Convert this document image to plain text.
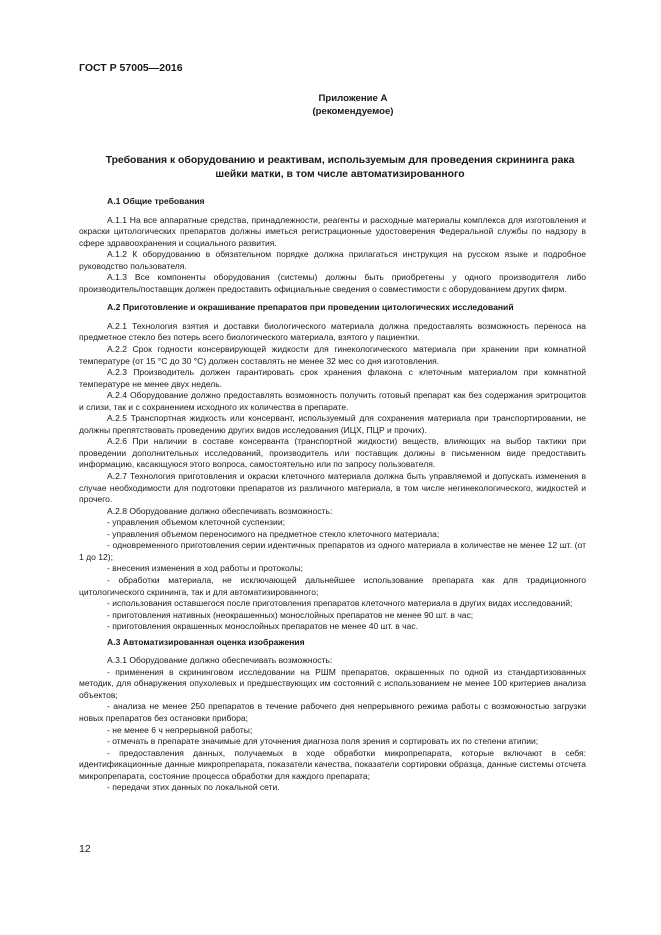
ГОСТ Р 57005—2016
Приложение А
(рекомендуемое)
Требования к оборудованию и реактивам, используемым для проведения скрининга рака шейки матки, в том числе автоматизированного
А.1 Общие требования

А.1.1 На все аппаратные средства, принадлежности, реагенты и расходные материалы комплекса для изготовления и окраски цитологических препаратов должны иметься регистрационные удостоверения Федеральной службы по надзору в сфере здравоохранения и социального развития.

А.1.2 К оборудованию в обязательном порядке должна прилагаться инструкция на русском языке и подробное руководство пользователя.

А.1.3 Все компоненты оборудования (системы) должны быть приобретены у одного производителя либо производитель/поставщик должен предоставить официальные сведения о совместимости с оборудованием других фирм.

А.2 Приготовление и окрашивание препаратов при проведении цитологических исследований

А.2.1 Технология взятия и доставки биологического материала должна предоставлять возможность переноса на предметное стекло без потерь всего биологического материала, взятого у пациентки.

А.2.2 Срок годности консервирующей жидкости для гинекологического материала при хранении при комнатной температуре (от 15 °С до 30 °С) должен составлять не менее 32 мес со дня изготовления.

А.2.3 Производитель должен гарантировать срок хранения флакона с клеточным материалом при комнатной температуре не менее двух недель.

А.2.4 Оборудование должно предоставлять возможность получить готовый препарат как без содержания эритроцитов и слизи, так и с сохранением исходного их количества в препарате.

А.2.5 Транспортная жидкость или консервант, используемый для сохранения материала при транспортировании, не должны препятствовать проведению других видов исследования (ИЦХ, ПЦР и прочих).

А.2.6 При наличии в составе консерванта (транспортной жидкости) веществ, влияющих на выбор тактики при проведении дополнительных исследований, производитель или поставщик должны в письменном виде предоставить информацию, касающуюся этого вопроса, самостоятельно или по запросу пользователя.

А.2.7 Технология приготовления и окраски клеточного материала должна быть управляемой и допускать изменения в случае необходимости для подготовки препаратов из различного материала, в том числе негинекологического, жидкостей и прочего.

А.2.8 Оборудование должно обеспечивать возможность:

- управления объемом клеточной суспензии;

- управления объемом переносимого на предметное стекло клеточного материала;

- одновременного приготовления серии идентичных препаратов из одного материала в количестве не менее 12 шт. (от 1 до 12);

- внесения изменения в ход работы и протоколы;

- обработки материала, не исключающей дальнейшее использование препарата как для традиционного цитологического скрининга, так и для автоматизированного;

- использования оставшегося после приготовления препаратов клеточного материала в других видах исследований;

- приготовления нативных (неокрашенных) монослойных препаратов не менее 90 шт. в час;

- приготовления окрашенных монослойных препаратов не менее 40 шт. в час.

А.3 Автоматизированная оценка изображения

А.3.1 Оборудование должно обеспечивать возможность:

- применения в скрининговом исследовании на РШМ препаратов, окрашенных по одной из стандартизованных методик, для обнаружения опухолевых и предшествующих им состояний с использованием не менее 100 критериев анализа объектов;

- анализа не менее 250 препаратов в течение рабочего дня непрерывного режима работы с возможностью загрузки новых препаратов без остановки прибора;

- не менее 6 ч непрерывной работы;

- отмечать в препарате значимые для уточнения диагноза поля зрения и сортировать их по степени атипии;

- предоставления данных, получаемых в ходе обработки микропрепарата, которые включают в себя: идентификационные данные микропрепарата, показатели качества, показатели сортировки образца, данные системы отсчета микропрепарата, состояние процесса обработки для каждого препарата;

- передачи этих данных по локальной сети.

12
